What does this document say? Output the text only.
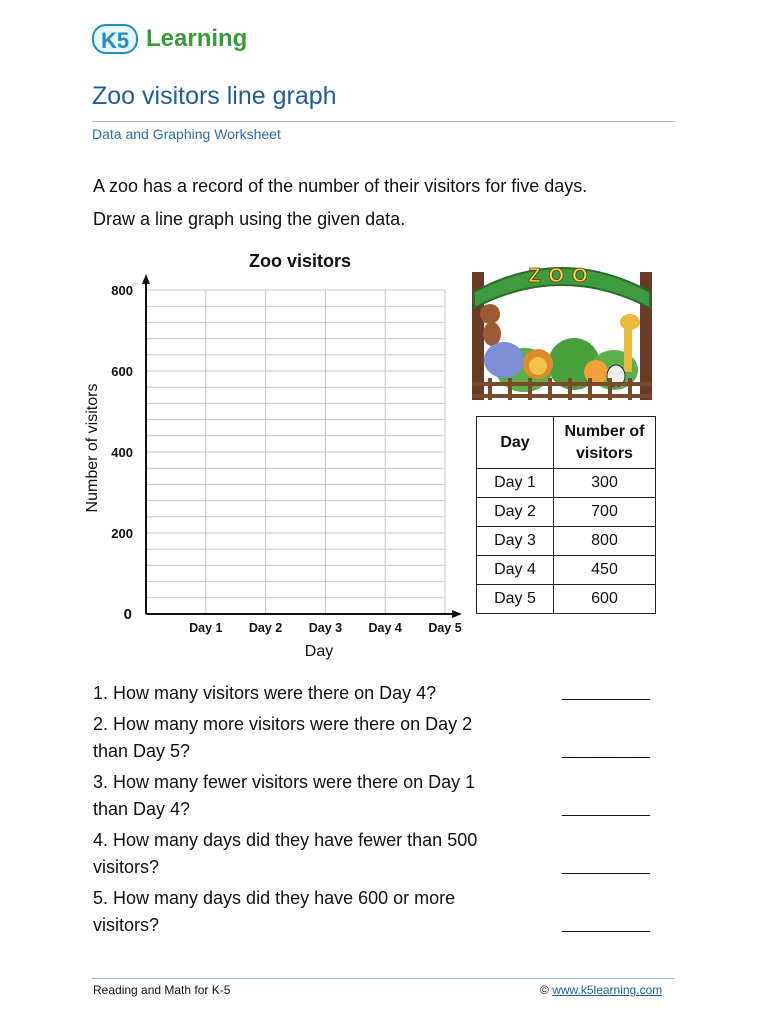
K5 Learning
Zoo visitors line graph
Data and Graphing Worksheet
A zoo has a record of the number of their visitors for five days.
Draw a line graph using the given data.
Zoo visitors
0
200
400
600
800
Day 1 Day 2 Day 3 Day 4 Day 5
Day
Number of visitors
ZOO
Day	Number of visitors
Day 1	300
Day 2	700
Day 3	800
Day 4	450
Day 5	600
1. How many visitors were there on Day 4?	___________
2. How many more visitors were there on Day 2
than Day 5?	___________
3. How many fewer visitors were there on Day 1
than Day 4?	___________
4. How many days did they have fewer than 500
visitors?	___________
5. How many days did they have 600 or more
visitors?	___________
Reading and Math for K-5	© www.k5learning.com
